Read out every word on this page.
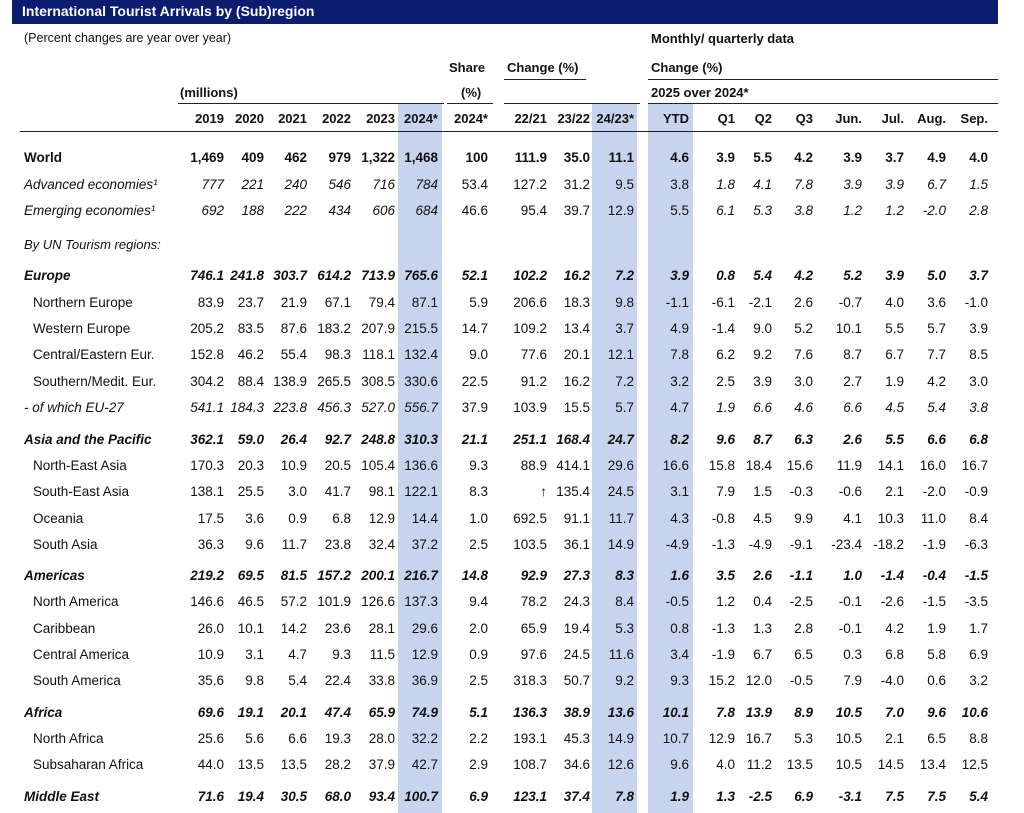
International Tourist Arrivals by (Sub)region
(Percent changes are year over year)	Monthly/ quarterly data
Share
(%)
Change (%)	Change (%)
(millions)	2025 over 2024*
2019 2020	2021	2022	2023 2024*	2024*	22/21 23/22 24/23*	YTD	Q1	Q2	Q3	Jun.	Jul.	Aug.	Sep.
By UN Tourism regions:
World	1,469	409	462	979 1,322 1,468	100	111.9	35.0	11.1	4.6	3.9	5.5	4.2	3.9	3.7	4.9	4.0
Advanced economies¹	777	221	240	546	716	784	53.4	127.2	31.2	9.5	3.8	1.8	4.1	7.8	3.9	3.9	6.7	1.5
Emerging economies¹	692	188	222	434	606	684	46.6	95.4	39.7	12.9	5.5	6.1	5.3	3.8	1.2	1.2	-2.0	2.8
Europe	746.1 241.8 303.7 614.2 713.9 765.6	52.1	102.2	16.2	7.2	3.9	0.8	5.4	4.2	5.2	3.9	5.0	3.7
Northern Europe	83.9	23.7	21.9	67.1	79.4	87.1	5.9	206.6	18.3	9.8	-1.1	-6.1	-2.1	2.6	-0.7	4.0	3.6	-1.0
Western Europe	205.2	83.5	87.6 183.2 207.9 215.5	14.7	109.2	13.4	3.7	4.9	-1.4	9.0	5.2	10.1	5.5	5.7	3.9
Central/Eastern Eur.	152.8	46.2	55.4	98.3 118.1 132.4	9.0	77.6	20.1	12.1	7.8	6.2	9.2	7.6	8.7	6.7	7.7	8.5
Southern/Medit. Eur.	304.2	88.4 138.9 265.5 308.5 330.6	22.5	91.2	16.2	7.2	3.2	2.5	3.9	3.0	2.7	1.9	4.2	3.0
- of which EU-27	541.1 184.3 223.8 456.3 527.0 556.7	37.9	103.9	15.5	5.7	4.7	1.9	6.6	4.6	6.6	4.5	5.4	3.8
Asia and the Pacific	362.1	59.0	26.4	92.7 248.8 310.3	21.1	251.1 168.4	24.7	8.2	9.6	8.7	6.3	2.6	5.5	6.6	6.8
North-East Asia	170.3	20.3	10.9	20.5 105.4 136.6	9.3	88.9 414.1	29.6	16.6	15.8 18.4	15.6	11.9	14.1	16.0	16.7
South-East Asia	138.1	25.5	3.0	41.7	98.1 122.1	8.3	↑ 135.4	24.5	3.1	7.9	1.5	-0.3	-0.6	2.1	-2.0	-0.9
Oceania	17.5	3.6	0.9	6.8	12.9	14.4	1.0	692.5	91.1	11.7	4.3	-0.8	4.5	9.9	4.1	10.3	11.0	8.4
South Asia	36.3	9.6	11.7	23.8	32.4	37.2	2.5	103.5	36.1	14.9	-4.9	-1.3	-4.9	-9.1	-23.4 -18.2	-1.9	-6.3
Americas	219.2	69.5	81.5 157.2 200.1 216.7	14.8	92.9	27.3	8.3	1.6	3.5	2.6	-1.1	1.0	-1.4	-0.4	-1.5
North America	146.6	46.5	57.2 101.9 126.6 137.3	9.4	78.2	24.3	8.4	-0.5	1.2	0.4	-2.5	-0.1	-2.6	-1.5	-3.5
Caribbean	26.0	10.1	14.2	23.6	28.1	29.6	2.0	65.9	19.4	5.3	0.8	-1.3	1.3	2.8	-0.1	4.2	1.9	1.7
Central America	10.9	3.1	4.7	9.3	11.5	12.9	0.9	97.6	24.5	11.6	3.4	-1.9	6.7	6.5	0.3	6.8	5.8	6.9
South America	35.6	9.8	5.4	22.4	33.8	36.9	2.5	318.3	50.7	9.2	9.3	15.2 12.0	-0.5	7.9	-4.0	0.6	3.2
Africa	69.6	19.1	20.1	47.4	65.9	74.9	5.1	136.3	38.9	13.6	10.1	7.8 13.9	8.9	10.5	7.0	9.6	10.6
North Africa	25.6	5.6	6.6	19.3	28.0	32.2	2.2	193.1	45.3	14.9	10.7	12.9 16.7	5.3	10.5	2.1	6.5	8.8
Subsaharan Africa	44.0	13.5	13.5	28.2	37.9	42.7	2.9	108.7	34.6	12.6	9.6	4.0 11.2	13.5	10.5	14.5	13.4	12.5
Middle East	71.6	19.4	30.5	68.0	93.4 100.7	6.9	123.1	37.4	7.8	1.9	1.3	-2.5	6.9	-3.1	7.5	7.5	5.4
